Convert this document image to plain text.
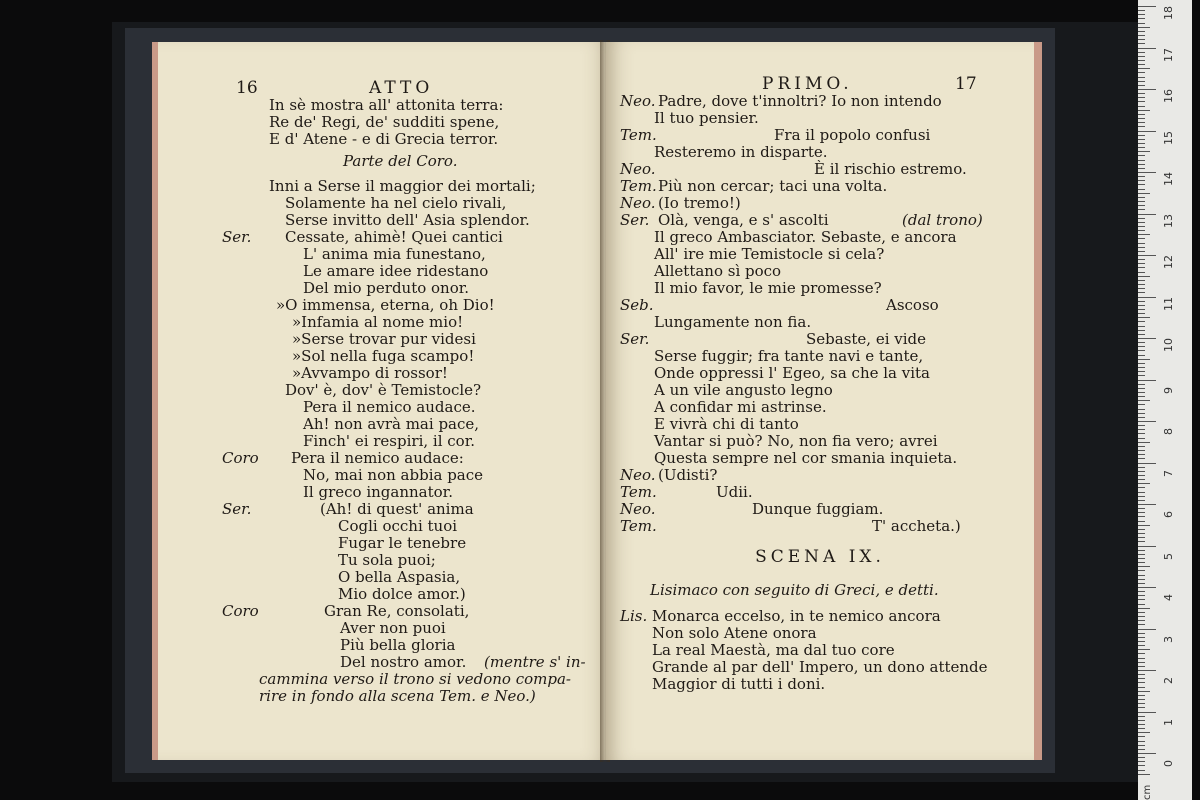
16	ATTO
In sè mostra all' attonita terra:
Re de' Regi, de' sudditi spene,
E d' Atene - e di Grecia terror.
Parte del Coro.
Inni a Serse il maggior dei mortali;
Solamente ha nel cielo rivali,
Serse invitto dell' Asia splendor.
Ser. Cessate, ahimè! Quei cantici
L' anima mia funestano,
Le amare idee ridestano
Del mio perduto onor.
»O immensa, eterna, oh Dio!
»Infamia al nome mio!
»Serse trovar pur videsi
»Sol nella fuga scampo!
»Avvampo di rossor!
Dov' è, dov' è Temistocle?
Pera il nemico audace.
Ah! non avrà mai pace,
Finch' ei respiri, il cor.
Coro Pera il nemico audace:
No, mai non abbia pace
Il greco ingannator.
Ser.	(Ah! di quest' anima
Cogli occhi tuoi
Fugar le tenebre
Tu sola puoi;
O bella Aspasia,
Mio dolce amor.)
Coro	Gran Re, consolati,
Aver non puoi
Più bella gloria
Del nostro amor. (mentre s' in-
cammina verso il trono si vedono compa-
rire in fondo alla scena Tem. e Neo.)
PRIMO.	17
Neo. Padre, dove t'innoltri? Io non intendo
Il tuo pensier.
Tem.	Fra il popolo confusi
Resteremo in disparte.
Neo.	È il rischio estremo.
Tem. Più non cercar; taci una volta.
Neo. (Io tremo!)
Ser. Olà, venga, e s' ascolti	(dal trono)
Il greco Ambasciator. Sebaste, e ancora
All' ire mie Temistocle si cela?
Allettano sì poco
Il mio favor, le mie promesse?
Seb.	Ascoso
Lungamente non fia.
Ser.	Sebaste, ei vide
Serse fuggir; fra tante navi e tante,
Onde oppressi l' Egeo, sa che la vita
A un vile angusto legno
A confidar mi astrinse.
E vivrà chi di tanto
Vantar si può? No, non fia vero; avrei
Questa sempre nel cor smania inquieta.
Neo. (Udisti?
Tem.	Udii.
Neo.	Dunque fuggiam.
Tem.	T' accheta.)
SCENA IX.
Lisimaco con seguito di Greci, e detti.
Lis. Monarca eccelso, in te nemico ancora
Non solo Atene onora
La real Maestà, ma dal tuo core
Grande al par dell' Impero, un dono attende
Maggior di tutti i doni.
cm
18
17
16
15
14
13
12
11
10
9
8
7
6
5
4
3
2
1
0
